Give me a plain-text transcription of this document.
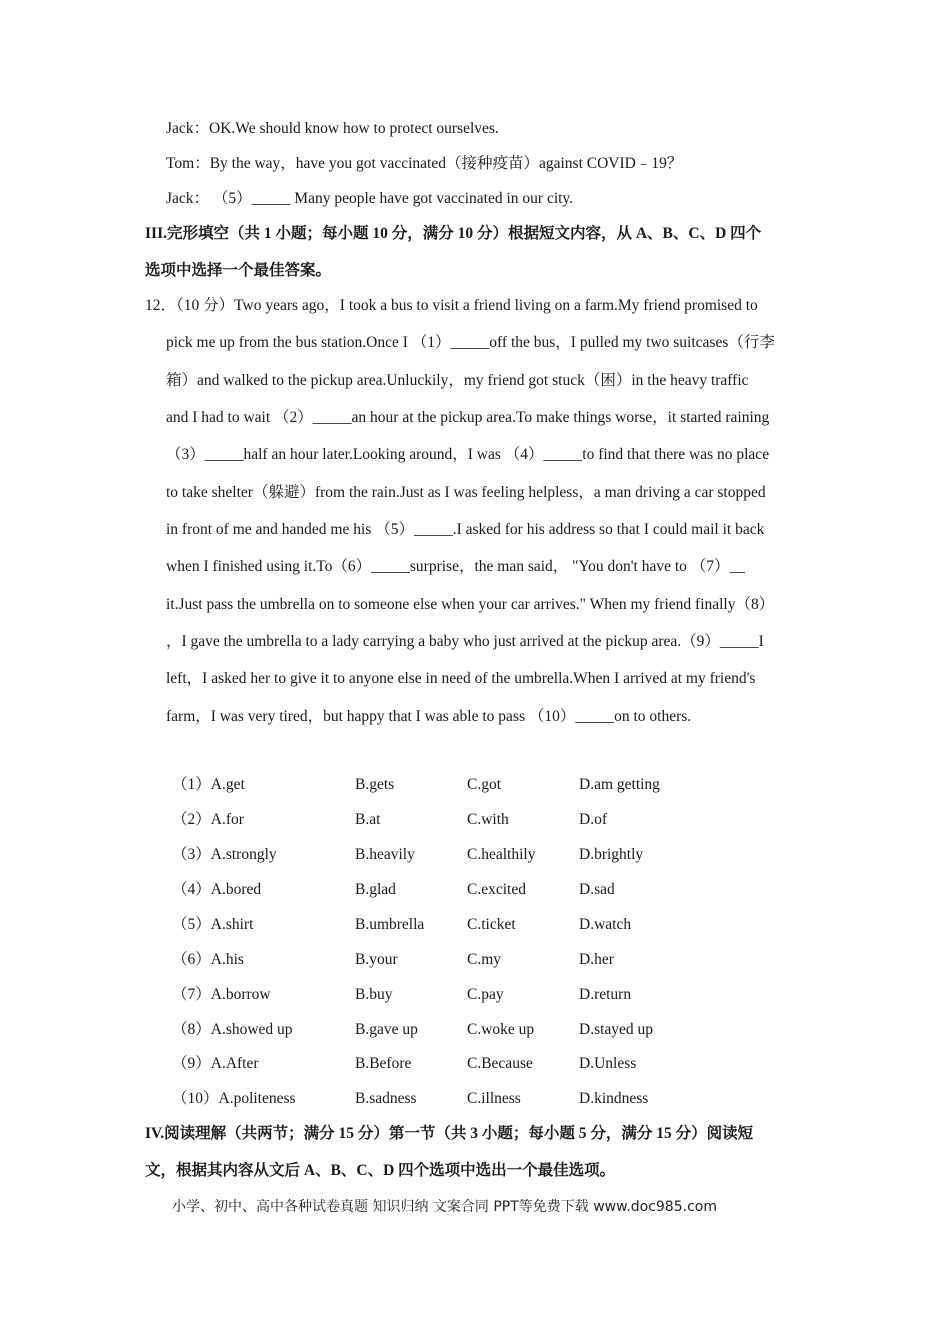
Jack：OK.We should know how to protect ourselves.
Tom：By the way，have you got vaccinated（接种疫苗）against COVID﹣19？
Jack： （5）_____ Many people have got vaccinated in our city.
III.完形填空（共 1 小题；每小题 10 分，满分 10 分）根据短文内容，从 A、B、C、D 四个
选项中选择一个最佳答案。
12．（10 分）Two years ago，I took a bus to visit a friend living on a farm.My friend promised to
pick me up from the bus station.Once I （1）_____off the bus，I pulled my two suitcases（行李
箱）and walked to the pickup area.Unluckily，my friend got stuck（困）in the heavy traffic
and I had to wait （2）_____an hour at the pickup area.To make things worse，it started raining
（3）_____half an hour later.Looking around，I was （4）_____to find that there was no place
to take shelter（躲避）from the rain.Just as I was feeling helpless，a man driving a car stopped
in front of me and handed me his （5）_____.I asked for his address so that I could mail it back
when I finished using it.To（6）_____surprise，the man said， "You don't have to （7）__
it.Just pass the umbrella on to someone else when your car arrives." When my friend finally（8）
，I gave the umbrella to a lady carrying a baby who just arrived at the pickup area.（9）_____I
left，I asked her to give it to anyone else in need of the umbrella.When I arrived at my friend's
farm，I was very tired，but happy that I was able to pass （10）_____on to others.
（1）A.get	B.gets	C.got	D.am getting
（2）A.for	B.at	C.with	D.of
（3）A.strongly	B.heavily	C.healthily	D.brightly
（4）A.bored	B.glad	C.excited	D.sad
（5）A.shirt	B.umbrella	C.ticket	D.watch
（6）A.his	B.your	C.my	D.her
（7）A.borrow	B.buy	C.pay	D.return
（8）A.showed up	B.gave up	C.woke up	D.stayed up
（9）A.After	B.Before	C.Because	D.Unless
（10）A.politeness	B.sadness	C.illness	D.kindness
IV.阅读理解（共两节；满分 15 分）第一节（共 3 小题；每小题 5 分，满分 15 分）阅读短
文，根据其内容从文后 A、B、C、D 四个选项中选出一个最佳选项。
小学、初中、高中各种试卷真题 知识归纳 文案合同 PPT等免费下载 www.doc985.com
